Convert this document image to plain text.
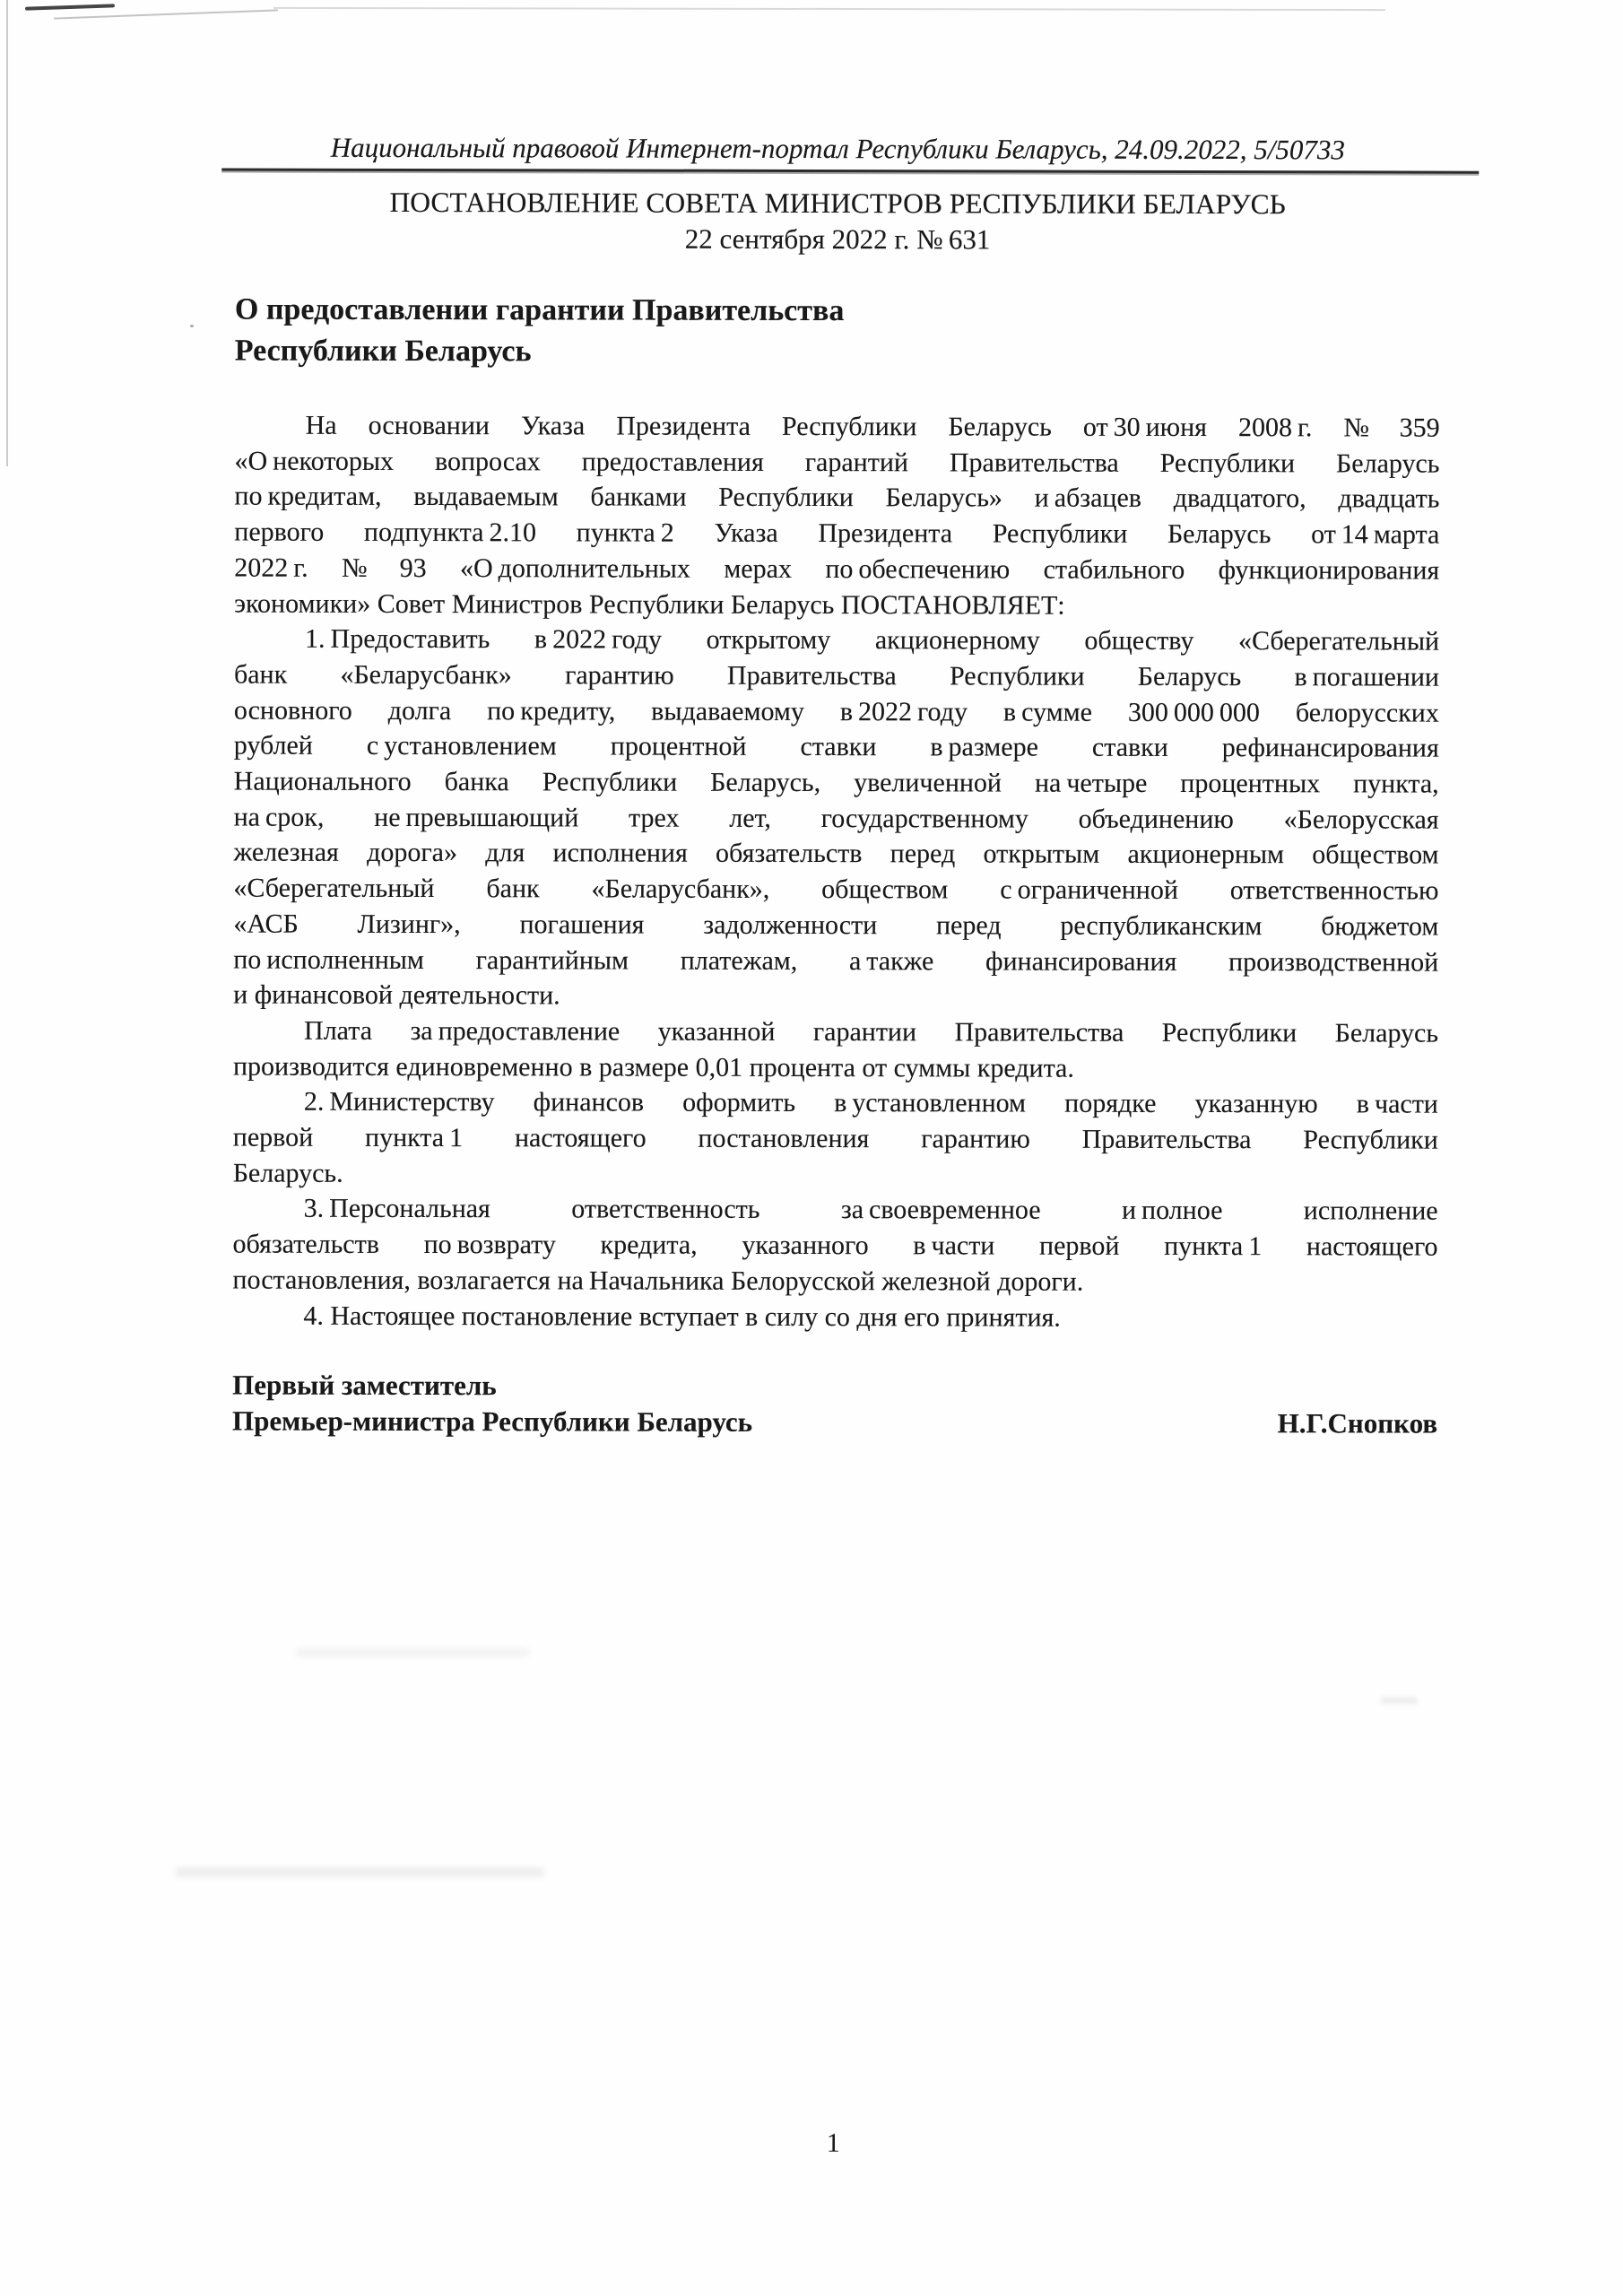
Национальный правовой Интернет-портал Республики Беларусь, 24.09.2022, 5/50733
ПОСТАНОВЛЕНИЕ СОВЕТА МИНИСТРОВ РЕСПУБЛИКИ БЕЛАРУСЬ
22 сентября 2022 г. № 631
О предоставлении гарантии Правительства
Республики Беларусь
На основании Указа Президента Республики Беларусь от 30 июня 2008 г. № 359
«О некоторых вопросах предоставления гарантий Правительства Республики Беларусь
по кредитам, выдаваемым банками Республики Беларусь» и абзацев двадцатого, двадцать
первого подпункта 2.10 пункта 2 Указа Президента Республики Беларусь от 14 марта
2022 г. № 93 «О дополнительных мерах по обеспечению стабильного функционирования
экономики» Совет Министров Республики Беларусь ПОСТАНОВЛЯЕТ:
1. Предоставить в 2022 году открытому акционерному обществу «Сберегательный
банк «Беларусбанк» гарантию Правительства Республики Беларусь в погашении
основного долга по кредиту, выдаваемому в 2022 году в сумме 300 000 000 белорусских
рублей с установлением процентной ставки в размере ставки рефинансирования
Национального банка Республики Беларусь, увеличенной на четыре процентных пункта,
на срок, не превышающий трех лет, государственному объединению «Белорусская
железная дорога» для исполнения обязательств перед открытым акционерным обществом
«Сберегательный банк «Беларусбанк», обществом с ограниченной ответственностью
«АСБ Лизинг», погашения задолженности перед республиканским бюджетом
по исполненным гарантийным платежам, а также финансирования производственной
и финансовой деятельности.
Плата за предоставление указанной гарантии Правительства Республики Беларусь
производится единовременно в размере 0,01 процента от суммы кредита.
2. Министерству финансов оформить в установленном порядке указанную в части
первой пункта 1 настоящего постановления гарантию Правительства Республики
Беларусь.
3. Персональная ответственность за своевременное и полное исполнение
обязательств по возврату кредита, указанного в части первой пункта 1 настоящего
постановления, возлагается на Начальника Белорусской железной дороги.
4. Настоящее постановление вступает в силу со дня его принятия.
Первый заместитель
Премьер-министра Республики Беларусь	Н.Г.Снопков
1
